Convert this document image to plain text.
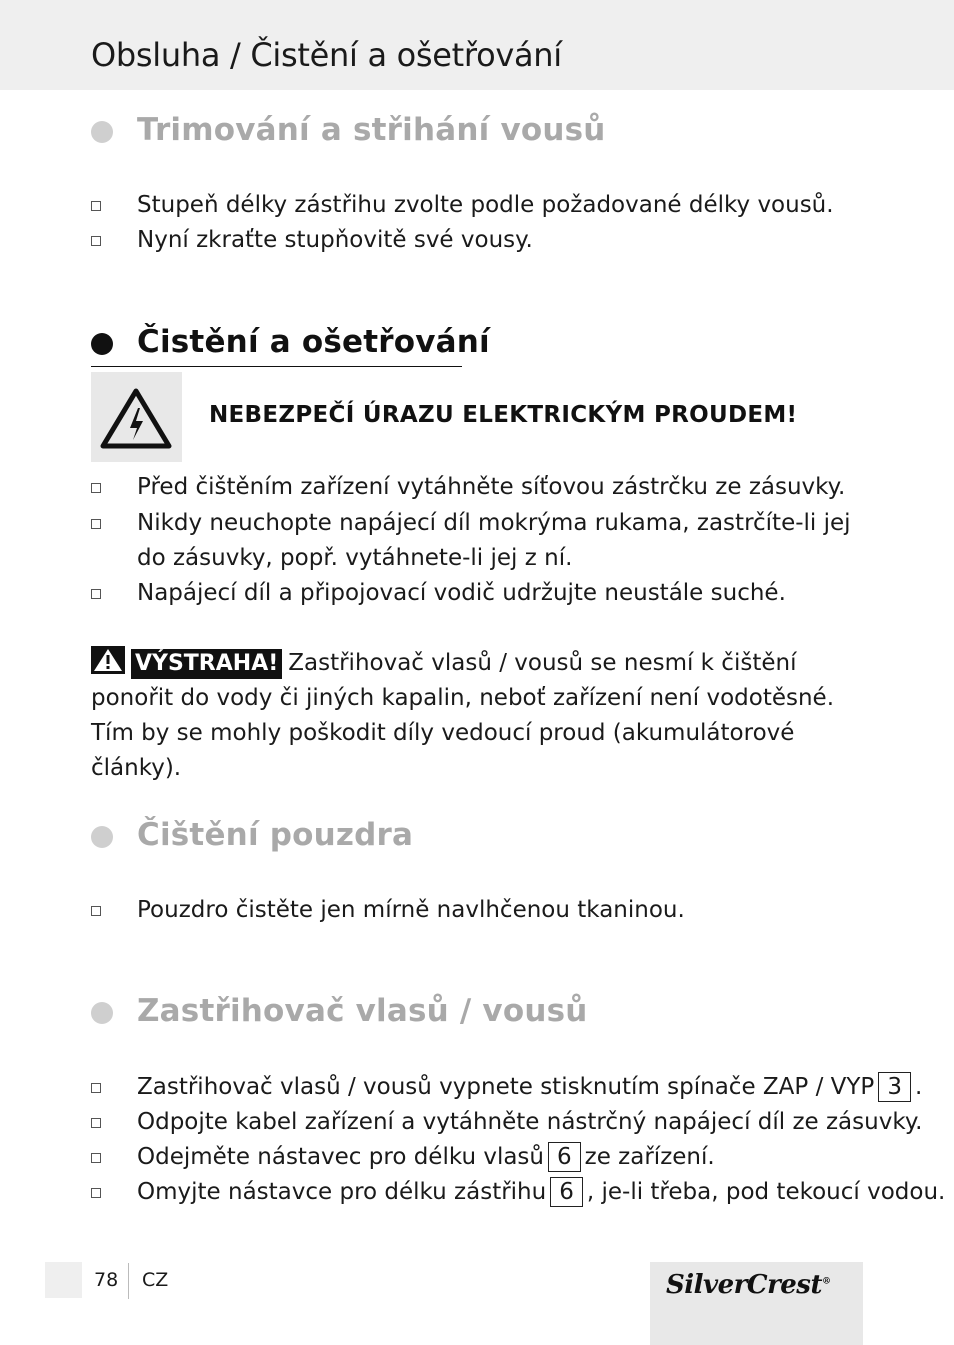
Obsluha / Čistění a ošetřování
Trimování a střihání vousů
Stupeň délky zástřihu zvolte podle požadované délky vousů.
Nyní zkraťte stupňovitě své vousy.
Čistění a ošetřování
NEBEZPEČÍ ÚRAZU ELEKTRICKÝM PROUDEM!
Před čištěním zařízení vytáhněte síťovou zástrčku ze zásuvky.
Nikdy neuchopte napájecí díl mokrýma rukama, zastrčíte-li jej do zásuvky, popř. vytáhnete-li jej z ní.
Napájecí díl a připojovací vodič udržujte neustále suché.
VÝSTRAHA! Zastřihovač vlasů / vousů se nesmí k čištění ponořit do vody či jiných kapalin, neboť zařízení není vodotěsné. Tím by se mohly poškodit díly vedoucí proud (akumulátorové články).
Čištění pouzdra
Pouzdro čistěte jen mírně navlhčenou tkaninou.
Zastřihovač vlasů / vousů
Zastřihovač vlasů / vousů vypnete stisknutím spínače ZAP / VYP 3 .
Odpojte kabel zařízení a vytáhněte nástrčný napájecí díl ze zásuvky.
Odejměte nástavec pro délku vlasů 6 ze zařízení.
Omyjte nástavce pro délku zástřihu 6 , je-li třeba, pod tekoucí vodou.
78 CZ	SilverCrest®
